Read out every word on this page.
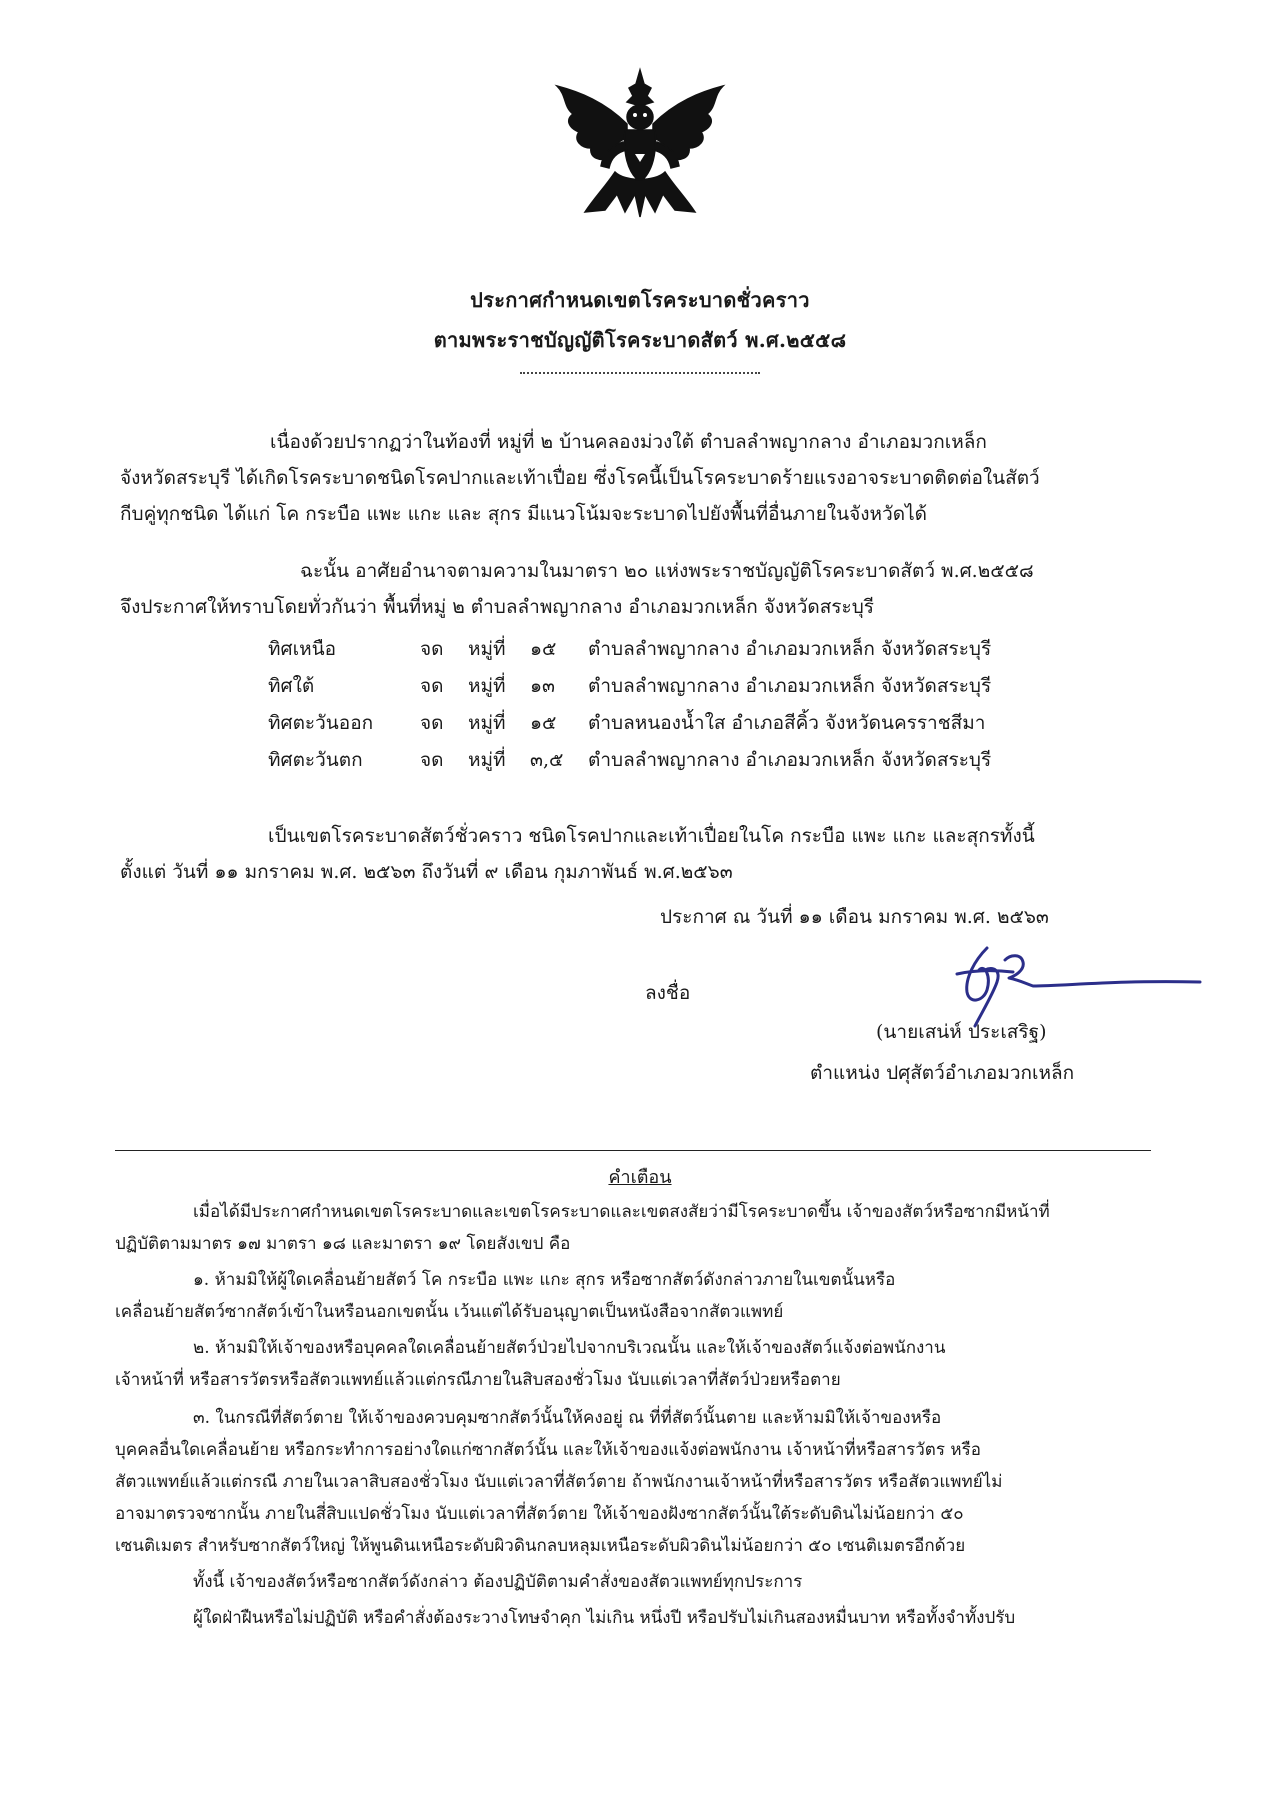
ประกาศกำหนดเขตโรคระบาดชั่วคราว
ตามพระราชบัญญัติโรคระบาดสัตว์ พ.ศ.๒๕๕๘
เนื่องด้วยปรากฏว่าในท้องที่ หมู่ที่ ๒ บ้านคลองม่วงใต้ ตำบลลำพญากลาง อำเภอมวกเหล็ก
จังหวัดสระบุรี ได้เกิดโรคระบาดชนิดโรคปากและเท้าเปื่อย ซึ่งโรคนี้เป็นโรคระบาดร้ายแรงอาจระบาดติดต่อในสัตว์
กีบคู่ทุกชนิด ได้แก่ โค กระบือ แพะ แกะ และ สุกร มีแนวโน้มจะระบาดไปยังพื้นที่อื่นภายในจังหวัดได้
ฉะนั้น อาศัยอำนาจตามความในมาตรา ๒๐ แห่งพระราชบัญญัติโรคระบาดสัตว์ พ.ศ.๒๕๕๘
จึงประกาศให้ทราบโดยทั่วกันว่า พื้นที่หมู่ ๒ ตำบลลำพญากลาง อำเภอมวกเหล็ก จังหวัดสระบุรี
ทิศเหนือ	จด หมู่ที่ ๑๕ ตำบลลำพญากลาง อำเภอมวกเหล็ก จังหวัดสระบุรี
ทิศใต้	จด หมู่ที่ ๑๓ ตำบลลำพญากลาง อำเภอมวกเหล็ก จังหวัดสระบุรี
ทิศตะวันออก จด หมู่ที่ ๑๕ ตำบลหนองน้ำใส อำเภอสีคิ้ว จังหวัดนครราชสีมา
ทิศตะวันตก	จด หมู่ที่ ๓,๕ ตำบลลำพญากลาง อำเภอมวกเหล็ก จังหวัดสระบุรี
เป็นเขตโรคระบาดสัตว์ชั่วคราว ชนิดโรคปากและเท้าเปื่อยในโค กระบือ แพะ แกะ และสุกรทั้งนี้
ตั้งแต่ วันที่ ๑๑ มกราคม พ.ศ. ๒๕๖๓ ถึงวันที่ ๙ เดือน กุมภาพันธ์ พ.ศ.๒๕๖๓
ประกาศ ณ วันที่ ๑๑ เดือน มกราคม พ.ศ. ๒๕๖๓
ลงชื่อ
(นายเสน่ห์ ประเสริฐ)
ตำแหน่ง ปศุสัตว์อำเภอมวกเหล็ก
คำเตือน
เมื่อได้มีประกาศกำหนดเขตโรคระบาดและเขตโรคระบาดและเขตสงสัยว่ามีโรคระบาดขึ้น เจ้าของสัตว์หรือซากมีหน้าที่
ปฏิบัติตามมาตร ๑๗ มาตรา ๑๘ และมาตรา ๑๙ โดยสังเขป คือ
๑. ห้ามมิให้ผู้ใดเคลื่อนย้ายสัตว์ โค กระบือ แพะ แกะ สุกร หรือซากสัตว์ดังกล่าวภายในเขตนั้นหรือ
เคลื่อนย้ายสัตว์ซากสัตว์เข้าในหรือนอกเขตนั้น เว้นแต่ได้รับอนุญาตเป็นหนังสือจากสัตวแพทย์
๒. ห้ามมิให้เจ้าของหรือบุคคลใดเคลื่อนย้ายสัตว์ป่วยไปจากบริเวณนั้น และให้เจ้าของสัตว์แจ้งต่อพนักงาน
เจ้าหน้าที่ หรือสารวัตรหรือสัตวแพทย์แล้วแต่กรณีภายในสิบสองชั่วโมง นับแต่เวลาที่สัตว์ป่วยหรือตาย
๓. ในกรณีที่สัตว์ตาย ให้เจ้าของควบคุมซากสัตว์นั้นให้คงอยู่ ณ ที่ที่สัตว์นั้นตาย และห้ามมิให้เจ้าของหรือ
บุคคลอื่นใดเคลื่อนย้าย หรือกระทำการอย่างใดแก่ซากสัตว์นั้น และให้เจ้าของแจ้งต่อพนักงาน เจ้าหน้าที่หรือสารวัตร หรือ
สัตวแพทย์แล้วแต่กรณี ภายในเวลาสิบสองชั่วโมง นับแต่เวลาที่สัตว์ตาย ถ้าพนักงานเจ้าหน้าที่หรือสารวัตร หรือสัตวแพทย์ไม่
อาจมาตรวจซากนั้น ภายในสี่สิบแปดชั่วโมง นับแต่เวลาที่สัตว์ตาย ให้เจ้าของฝังซากสัตว์นั้นใต้ระดับดินไม่น้อยกว่า ๕๐
เซนติเมตร สำหรับซากสัตว์ใหญ่ ให้พูนดินเหนือระดับผิวดินกลบหลุมเหนือระดับผิวดินไม่น้อยกว่า ๕๐ เซนติเมตรอีกด้วย
ทั้งนี้ เจ้าของสัตว์หรือซากสัตว์ดังกล่าว ต้องปฏิบัติตามคำสั่งของสัตวแพทย์ทุกประการ
ผู้ใดฝ่าฝืนหรือไม่ปฏิบัติ หรือคำสั่งต้องระวางโทษจำคุก ไม่เกิน หนึ่งปี หรือปรับไม่เกินสองหมื่นบาท หรือทั้งจำทั้งปรับ
